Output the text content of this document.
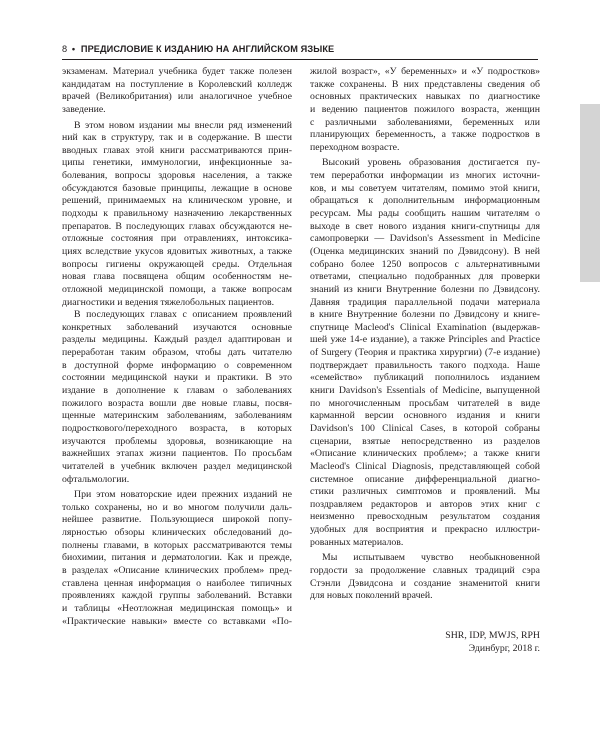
8 • ПРЕДИСЛОВИЕ К ИЗДАНИЮ НА АНГЛИЙСКОМ ЯЗЫКЕ
экзаменам. Материал учебника будет также полезен
кандидатам на поступление в Королевский колледж
врачей (Великобритания) или аналогичное учебное
заведение.
В этом новом издании мы внесли ряд изменений
ний как в структуру, так и в содержание. В шести
вводных главах этой книги рассматриваются прин-
ципы генетики, иммунологии, инфекционные за-
болевания, вопросы здоровья населения, а также
обсуждаются базовые принципы, лежащие в основе
решений, принимаемых на клиническом уровне, и
подходы к правильному назначению лекарственных
препаратов. В последующих главах обсуждаются не-
отложные состояния при отравлениях, интоксика-
циях вследствие укусов ядовитых животных, а также
вопросы гигиены окружающей среды. Отдельная
новая глава посвящена общим особенностям не-
отложной медицинской помощи, а также вопросам
диагностики и ведения тяжелобольных пациентов.
В последующих главах с описанием проявлений
конкретных заболеваний изучаются основные
разделы медицины. Каждый раздел адаптирован и
переработан таким образом, чтобы дать читателю
в доступной форме информацию о современном
состоянии медицинской науки и практики. В это
издание в дополнение к главам о заболеваниях
пожилого возраста вошли две новые главы, посвя-
щенные материнским заболеваниям, заболеваниям
подросткового/переходного возраста, в которых
изучаются проблемы здоровья, возникающие на
важнейших этапах жизни пациентов. По просьбам
читателей в учебник включен раздел медицинской
офтальмологии.
При этом новаторские идеи прежних изданий не
только сохранены, но и во многом получили даль-
нейшее развитие. Пользующиеся широкой попу-
лярностью обзоры клинических обследований до-
полнены главами, в которых рассматриваются темы
биохимии, питания и дерматологии. Как и прежде,
в разделах «Описание клинических проблем» пред-
ставлена ценная информация о наиболее типичных
проявлениях каждой группы заболеваний. Вставки
и таблицы «Неотложная медицинская помощь» и
«Практические навыки» вместе со вставками «По-
жилой возраст», «У беременных» и «У подростков»
также сохранены. В них представлены сведения об
основных практических навыках по диагностике
и ведению пациентов пожилого возраста, женщин
с различными заболеваниями, беременных или
планирующих беременность, а также подростков в
переходном возрасте.
Высокий уровень образования достигается пу-
тем переработки информации из многих источни-
ков, и мы советуем читателям, помимо этой книги,
обращаться к дополнительным информационным
ресурсам. Мы рады сообщить нашим читателям о
выходе в свет нового издания книги-спутницы для
самопроверки — Davidson's Assessment in Medicine
(Оценка медицинских знаний по Дэвидсону). В ней
собрано более 1250 вопросов с альтернативными
ответами, специально подобранных для проверки
знаний из книги Внутренние болезни по Дэвидсону.
Давняя традиция параллельной подачи материала
в книге Внутренние болезни по Дэвидсону и книге-
спутнице Macleod's Clinical Examination (выдержав-
шей уже 14-е издание), а также Principles and Practice
of Surgery (Теория и практика хирургии) (7-е издание)
подтверждает правильность такого подхода. Наше
«семейство» публикаций пополнилось изданием
книги Davidson's Essentials of Medicine, выпущенной
по многочисленным просьбам читателей в виде
карманной версии основного издания и книги
Davidson's 100 Clinical Cases, в которой собраны
сценарии, взятые непосредственно из разделов
«Описание клинических проблем»; а также книги
Macleod's Clinical Diagnosis, представляющей собой
системное описание дифференциальной диагно-
стики различных симптомов и проявлений. Мы
поздравляем редакторов и авторов этих книг с
неизменно превосходным результатом создания
удобных для восприятия и прекрасно иллюстри-
рованных материалов.
Мы испытываем чувство необыкновенной
гордости за продолжение славных традиций сэра
Стэнли Дэвидсона и создание знаменитой книги
для новых поколений врачей.
SHR, IDP, MWJS, RPH
Эдинбург, 2018 г.
